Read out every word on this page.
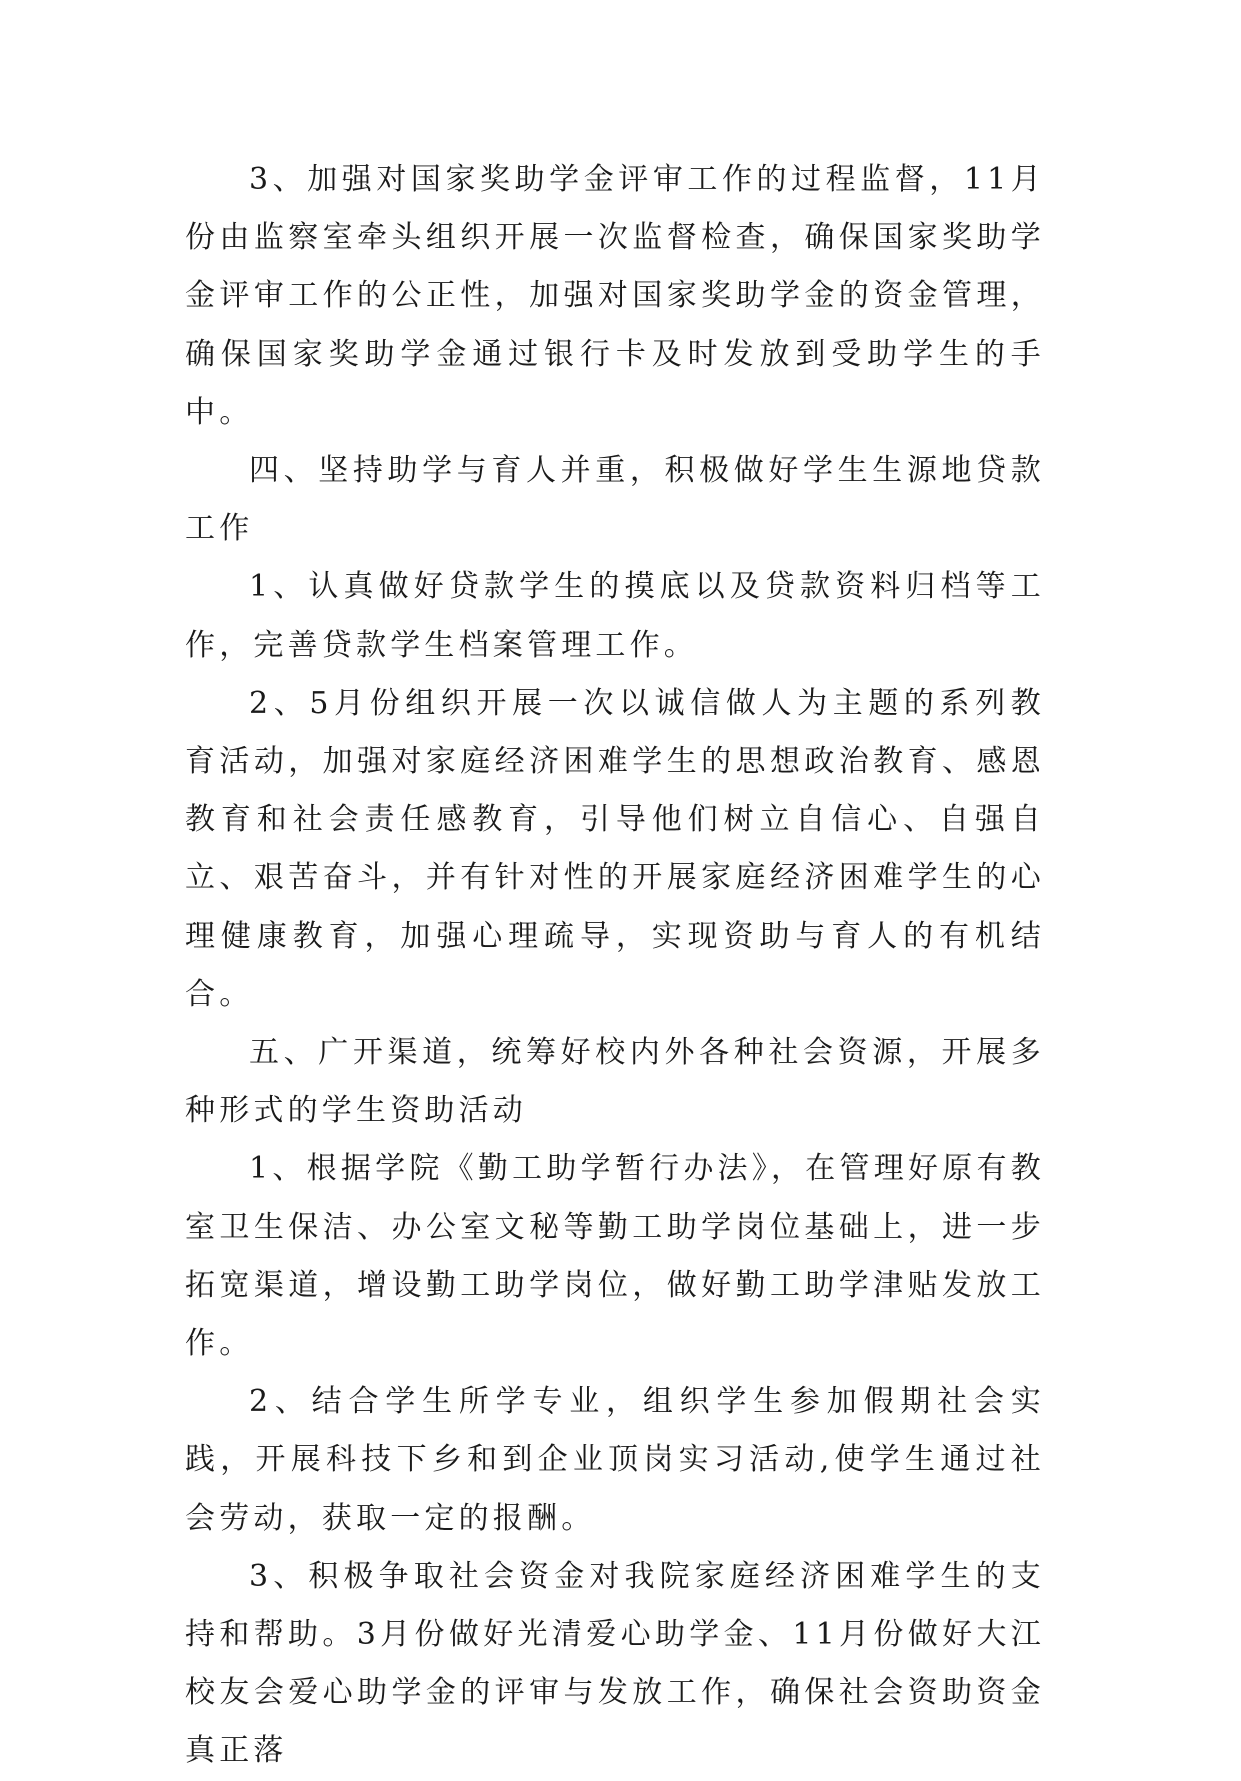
3、加强对国家奖助学金评审工作的过程监督，11月份由监察室牵头组织开展一次监督检查，确保国家奖助学金评审工作的公正性，加强对国家奖助学金的资金管理，确保国家奖助学金通过银行卡及时发放到受助学生的手中。

四、坚持助学与育人并重，积极做好学生生源地贷款工作

1、认真做好贷款学生的摸底以及贷款资料归档等工作，完善贷款学生档案管理工作。

2、5月份组织开展一次以诚信做人为主题的系列教育活动，加强对家庭经济困难学生的思想政治教育、感恩教育和社会责任感教育，引导他们树立自信心、自强自立、艰苦奋斗，并有针对性的开展家庭经济困难学生的心理健康教育，加强心理疏导，实现资助与育人的有机结合。

五、广开渠道，统筹好校内外各种社会资源，开展多种形式的学生资助活动

1、根据学院《勤工助学暂行办法》，在管理好原有教室卫生保洁、办公室文秘等勤工助学岗位基础上，进一步拓宽渠道，增设勤工助学岗位，做好勤工助学津贴发放工作。

2、结合学生所学专业，组织学生参加假期社会实践，开展科技下乡和到企业顶岗实习活动,使学生通过社会劳动，获取一定的报酬。

3、积极争取社会资金对我院家庭经济困难学生的支持和帮助。3月份做好光清爱心助学金、11月份做好大江校友会爱心助学金的评审与发放工作，确保社会资助资金真正落
